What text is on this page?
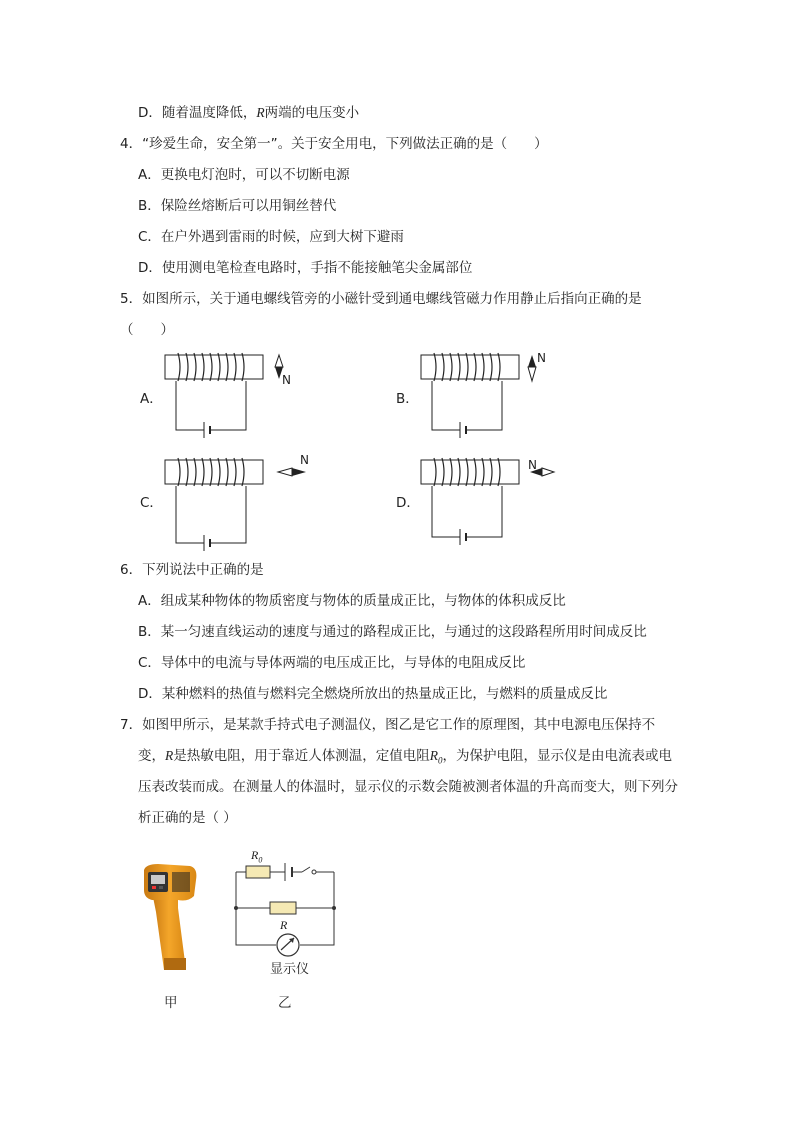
D．随着温度降低，R两端的电压变小
4．“珍爱生命，安全第一”。关于安全用电，下列做法正确的是（　　）
A．更换电灯泡时，可以不切断电源
B．保险丝熔断后可以用铜丝替代
C．在户外遇到雷雨的时候，应到大树下避雨
D．使用测电笔检查电路时，手指不能接触笔尖金属部位
5．如图所示，关于通电螺线管旁的小磁针受到通电螺线管磁力作用静止后指向正确的是
（　　）
A．	B．
C．	D．
N
N
N	N
6．下列说法中正确的是
A．组成某种物体的物质密度与物体的质量成正比，与物体的体积成反比
B．某一匀速直线运动的速度与通过的路程成正比，与通过的这段路程所用时间成反比
C．导体中的电流与导体两端的电压成正比，与导体的电阻成反比
D．某种燃料的热值与燃料完全燃烧所放出的热量成正比，与燃料的质量成反比
7．如图甲所示，是某款手持式电子测温仪，图乙是它工作的原理图，其中电源电压保持不
变，R是热敏电阻，用于靠近人体测温，定值电阻$R_0$，为保护电阻，显示仪是由电流表或电
压表改装而成。在测量人的体温时，显示仪的示数会随被测者体温的升高而变大，则下列分
析正确的是（ ）
$R_0$
R
显示仪
甲	乙
